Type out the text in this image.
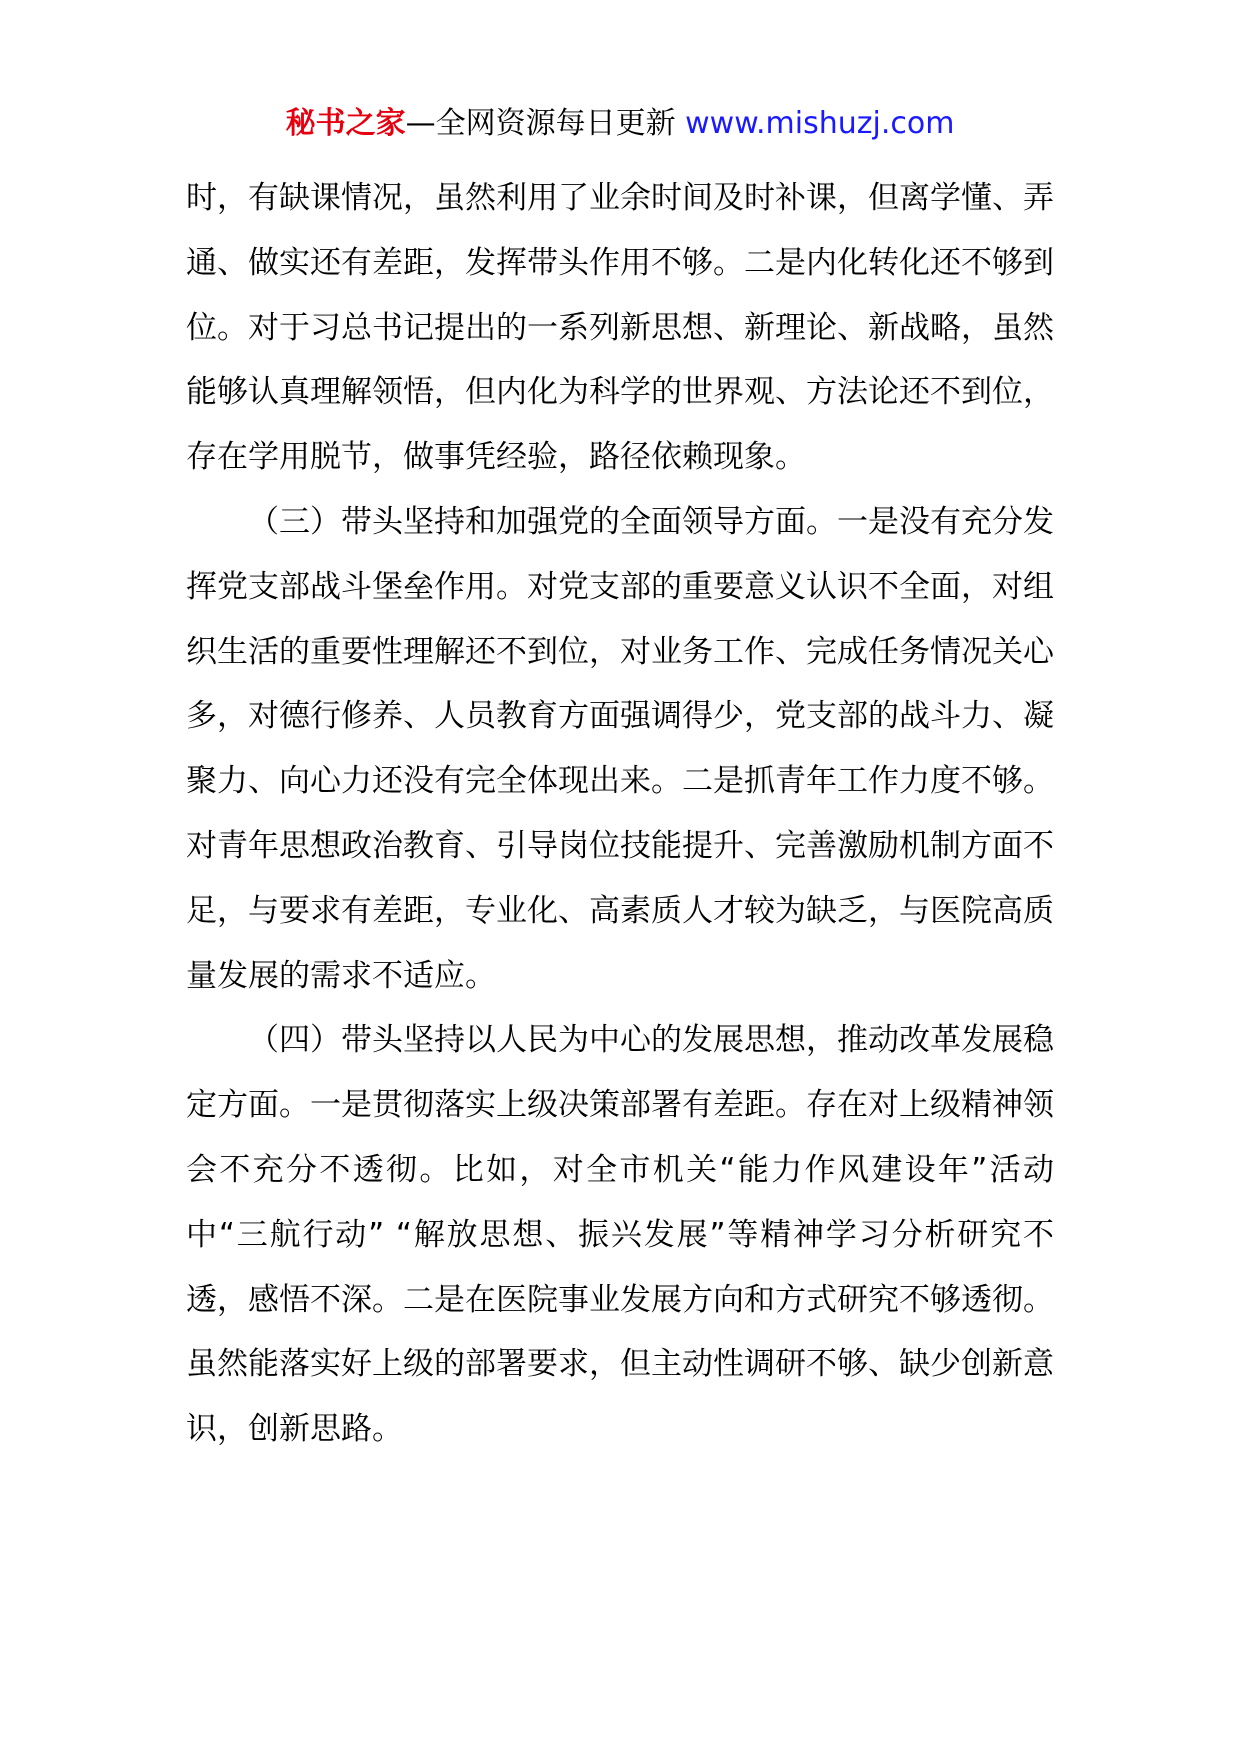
秘书之家—全网资源每日更新 www.mishuzj.com

时，有缺课情况，虽然利用了业余时间及时补课，但离学懂、弄通、做实还有差距，发挥带头作用不够。二是内化转化还不够到位。对于习总书记提出的一系列新思想、新理论、新战略，虽然能够认真理解领悟，但内化为科学的世界观、方法论还不到位，存在学用脱节，做事凭经验，路径依赖现象。

（三）带头坚持和加强党的全面领导方面。一是没有充分发挥党支部战斗堡垒作用。对党支部的重要意义认识不全面，对组织生活的重要性理解还不到位，对业务工作、完成任务情况关心多，对德行修养、人员教育方面强调得少，党支部的战斗力、凝聚力、向心力还没有完全体现出来。二是抓青年工作力度不够。对青年思想政治教育、引导岗位技能提升、完善激励机制方面不足，与要求有差距，专业化、高素质人才较为缺乏，与医院高质量发展的需求不适应。

（四）带头坚持以人民为中心的发展思想，推动改革发展稳定方面。一是贯彻落实上级决策部署有差距。存在对上级精神领会不充分不透彻。比如，对全市机关“能力作风建设年”活动中“三航行动” “解放思想、振兴发展”等精神学习分析研究不透，感悟不深。二是在医院事业发展方向和方式研究不够透彻。虽然能落实好上级的部署要求，但主动性调研不够、缺少创新意识，创新思路。
